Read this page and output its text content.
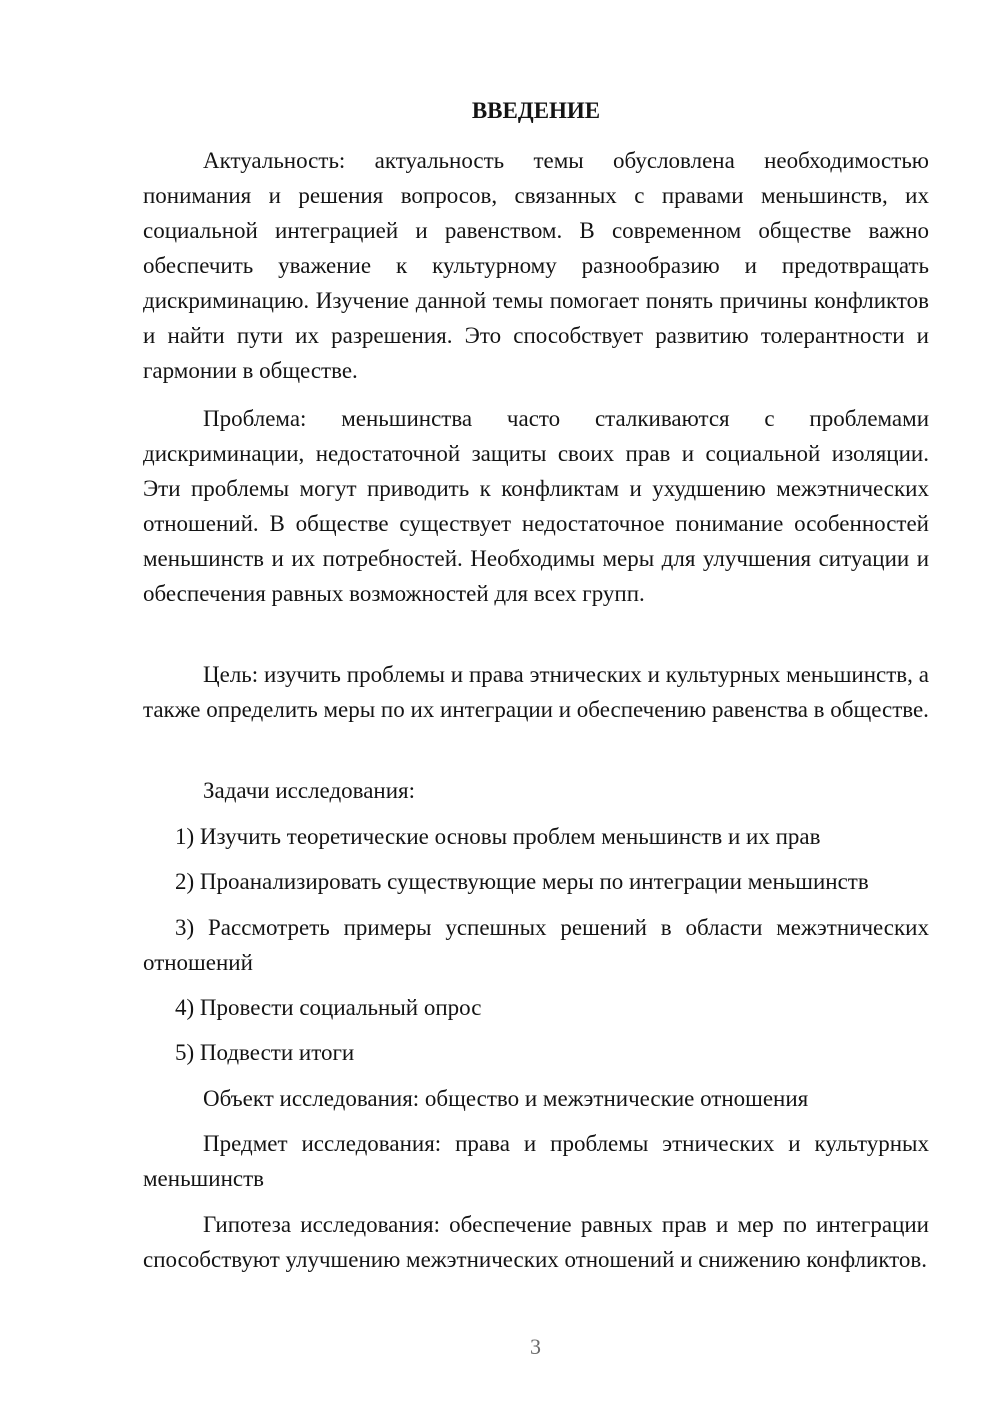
ВВЕДЕНИЕ

Актуальность: актуальность темы обусловлена необходимостью понимания и решения вопросов, связанных с правами меньшинств, их социальной интеграцией и равенством. В современном обществе важно обеспечить уважение к культурному разнообразию и предотвращать дискриминацию. Изучение данной темы помогает понять причины конфликтов и найти пути их разрешения. Это способствует развитию толерантности и гармонии в обществе.

Проблема: меньшинства часто сталкиваются с проблемами дискриминации, недостаточной защиты своих прав и социальной изоляции. Эти проблемы могут приводить к конфликтам и ухудшению межэтнических отношений. В обществе существует недостаточное понимание особенностей меньшинств и их потребностей. Необходимы меры для улучшения ситуации и обеспечения равных возможностей для всех групп.

Цель: изучить проблемы и права этнических и культурных меньшинств, а также определить меры по их интеграции и обеспечению равенства в обществе.

Задачи исследования:

1) Изучить теоретические основы проблем меньшинств и их прав

2) Проанализировать существующие меры по интеграции меньшинств

3) Рассмотреть примеры успешных решений в области межэтнических отношений

4) Провести социальный опрос

5) Подвести итоги

Объект исследования: общество и межэтнические отношения

Предмет исследования: права и проблемы этнических и культурных меньшинств

Гипотеза исследования: обеспечение равных прав и мер по интеграции способствуют улучшению межэтнических отношений и снижению конфликтов.

3
